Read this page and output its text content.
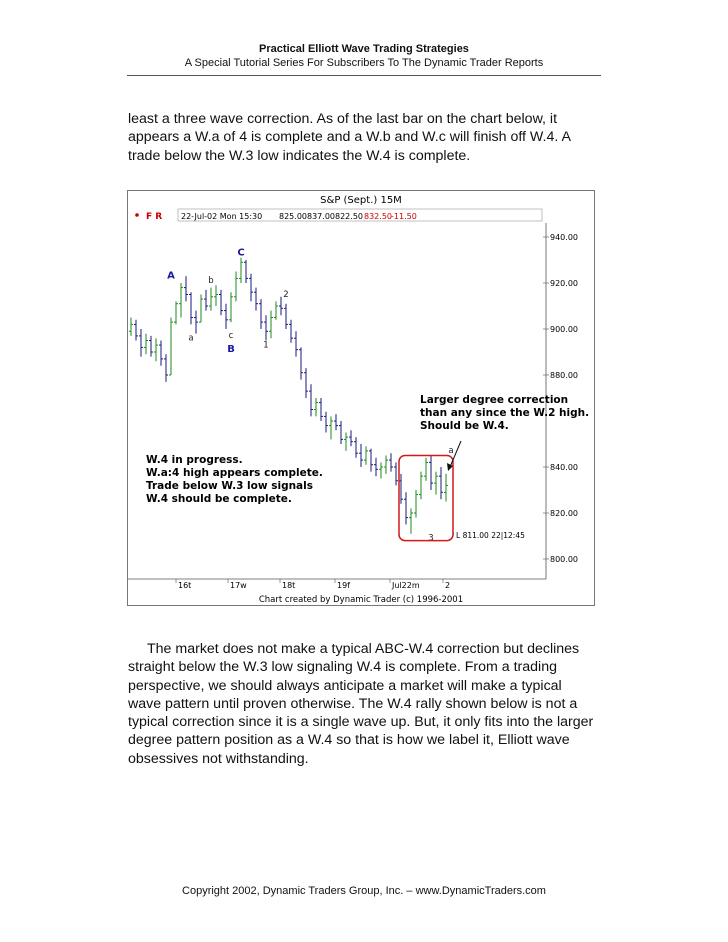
Practical Elliott Wave Trading Strategies
A Special Tutorial Series For Subscribers To The Dynamic Trader Reports
least a three wave correction. As of the last bar on the chart below, it appears a W.a of 4 is complete and a W.b and W.c will finish off W.4. A trade below the W.3 low indicates the W.4 is complete.
S&P (Sept.) 15M
F R 22-Jul-02 Mon 15:30 825.00 837.00 822.50 832.50 -11.50
Chart created by Dynamic Trader (c) 1996-2001
L 811.00 22|12:45
940.00
920.00
900.00
880.00
840.00
820.00
800.00
16t	17w	18t	19f	Jul22m	2
A
a
b
c
B
C
1
2
3
a
Larger degree correction
than any since the W.2 high.
Should be W.4.
W.4 in progress.
W.a:4 high appears complete.
Trade below W.3 low signals
W.4 should be complete.
The market does not make a typical ABC-W.4 correction but declines straight below the W.3 low signaling W.4 is complete. From a trading perspective, we should always anticipate a market will make a typical wave pattern until proven otherwise. The W.4 rally shown below is not a typical correction since it is a single wave up. But, it only fits into the larger degree pattern position as a W.4 so that is how we label it, Elliott wave obsessives not withstanding.
Copyright 2002, Dynamic Traders Group, Inc. – www.DynamicTraders.com
